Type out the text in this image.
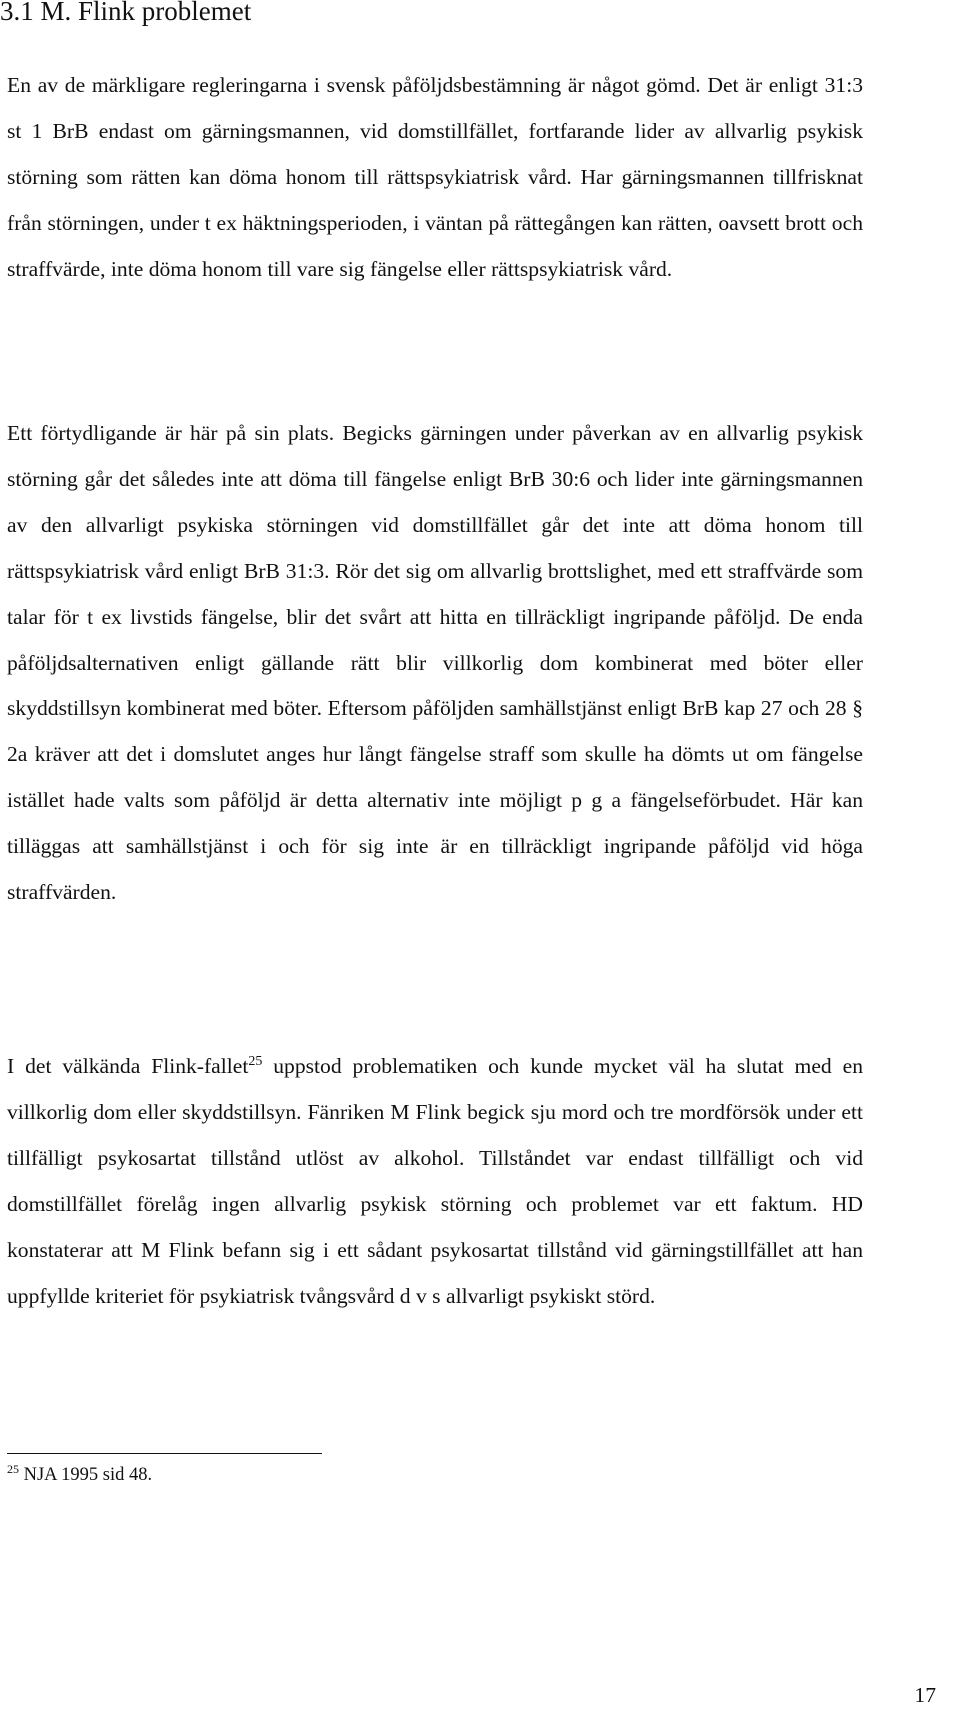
3.1 M. Flink problemet

En av de märkligare regleringarna i svensk påföljdsbestämning är något gömd. Det är enligt 31:3 st 1 BrB endast om gärningsmannen, vid domstillfället, fortfarande lider av allvarlig psykisk störning som rätten kan döma honom till rättspsykiatrisk vård. Har gärningsmannen tillfrisknat från störningen, under t ex häktningsperioden, i väntan på rättegången kan rätten, oavsett brott och straffvärde, inte döma honom till vare sig fängelse eller rättspsykiatrisk vård.

Ett förtydligande är här på sin plats. Begicks gärningen under påverkan av en allvarlig psykisk störning går det således inte att döma till fängelse enligt BrB 30:6 och lider inte gärningsmannen av den allvarligt psykiska störningen vid domstillfället går det inte att döma honom till rättspsykiatrisk vård enligt BrB 31:3. Rör det sig om allvarlig brottslighet, med ett straffvärde som talar för t ex livstids fängelse, blir det svårt att hitta en tillräckligt ingripande påföljd. De enda påföljdsalternativen enligt gällande rätt blir villkorlig dom kombinerat med böter eller skyddstillsyn kombinerat med böter. Eftersom påföljden samhällstjänst enligt BrB kap 27 och 28 § 2a kräver att det i domslutet anges hur långt fängelse straff som skulle ha dömts ut om fängelse istället hade valts som påföljd är detta alternativ inte möjligt p g a fängelseförbudet. Här kan tilläggas att samhällstjänst i och för sig inte är en tillräckligt ingripande påföljd vid höga straffvärden.

I det välkända Flink-fallet$^{25}$ uppstod problematiken och kunde mycket väl ha slutat med en villkorlig dom eller skyddstillsyn. Fänriken M Flink begick sju mord och tre mordförsök under ett tillfälligt psykosartat tillstånd utlöst av alkohol. Tillståndet var endast tillfälligt och vid domstillfället förelåg ingen allvarlig psykisk störning och problemet var ett faktum. HD konstaterar att M Flink befann sig i ett sådant psykosartat tillstånd vid gärningstillfället att han uppfyllde kriteriet för psykiatrisk tvångsvård d v s allvarligt psykiskt störd.

$^{25}$ NJA 1995 sid 48.
17
